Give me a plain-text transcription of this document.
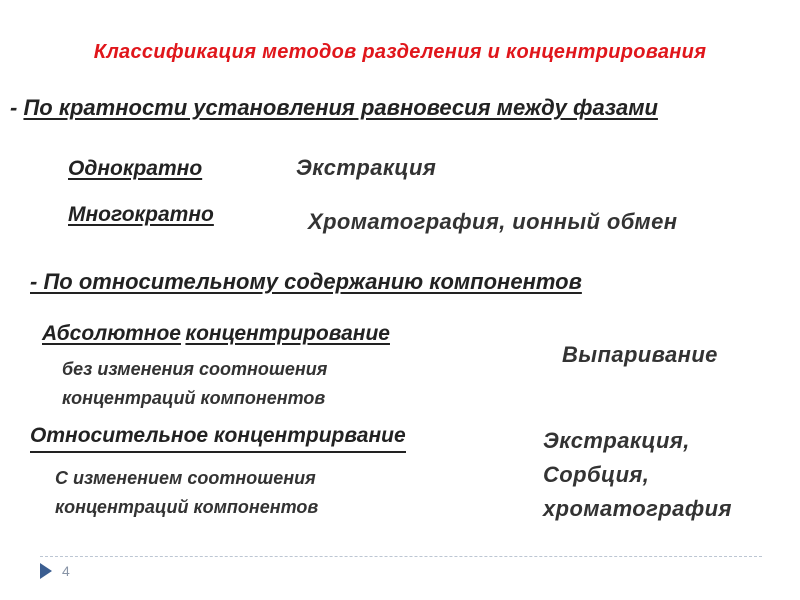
Классификация методов разделения и концентрирования
- По кратности установления равновесия между фазами
Однократно	Экстракция
Многократно	Хроматография, ионный обмен
- По относительному содержанию компонентов
Абсолютное концентрирование
без изменения соотношения
концентраций компонентов
Выпаривание
Относительное концентрирвание
С изменением соотношения
концентраций компонентов
Экстракция,
Сорбция,
хроматография
4
